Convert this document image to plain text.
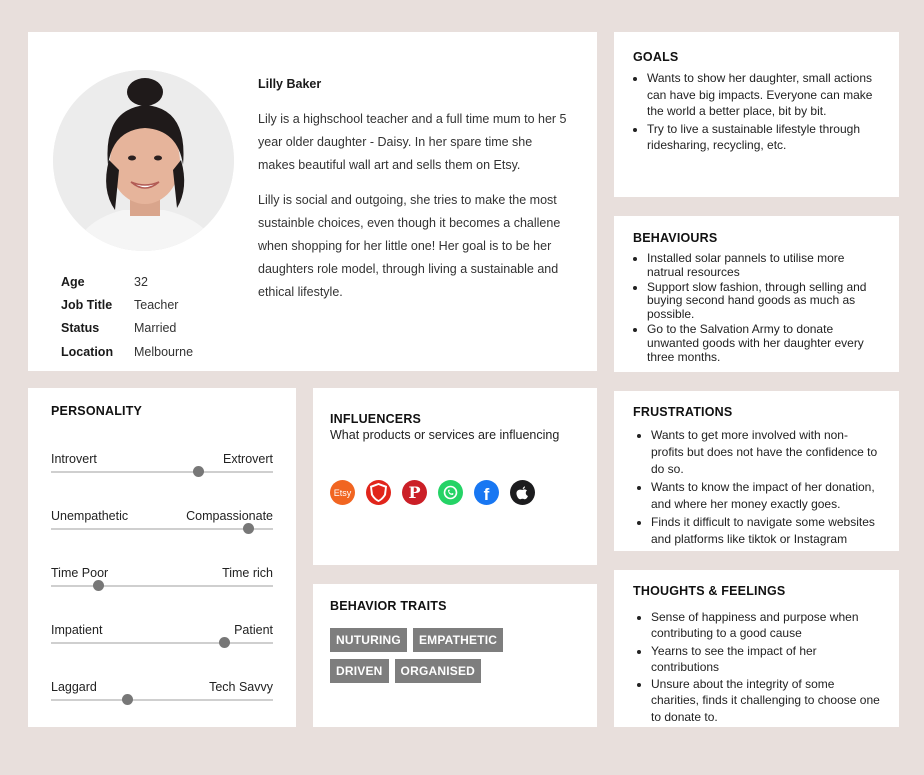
Lilly Baker

Lily is a highschool teacher and a full time mum to her 5 year older daughter - Daisy. In her spare time she makes beautiful wall art and sells them on Etsy.

Lilly is social and outgoing, she tries to make the most sustainble choices, even though it becomes a challene when shopping for her little one! Her goal is to be her daughters role model, through living a sustainable and ethical lifestyle.

Age	32
Job Title	Teacher
Status	Married
Location	Melbourne
GOALS
• Wants to show her daughter, small actions can have big impacts. Everyone can make the world a better place, bit by bit.
• Try to live a sustainable lifestyle through ridesharing, recycling, etc.
BEHAVIOURS
• Installed solar pannels to utilise more natrual resources
• Support slow fashion, through selling and buying second hand goods as much as possible.
• Go to the Salvation Army to donate unwanted goods with her daughter every three months.
FRUSTRATIONS
• Wants to get more involved with non-profits but does not have the confidence to do so.
• Wants to know the impact of her donation, and where her money exactly goes.
• Finds it difficult to navigate some websites and platforms like tiktok or Instagram
THOUGHTS & FEELINGS
• Sense of happiness and purpose when contributing to a good cause
• Yearns to see the impact of her contributions
• Unsure about the integrity of some charities, finds it challenging to choose one to donate to.
PERSONALITY
Introvert	Extrovert
Unempathetic	Compassionate
Time Poor	Time rich
Impatient	Patient
Laggard	Tech Savvy
INFLUENCERS
What products or services are influencing
Etsy	P	f
BEHAVIOR TRAITS
NUTURING	EMPATHETIC
DRIVEN	ORGANISED
